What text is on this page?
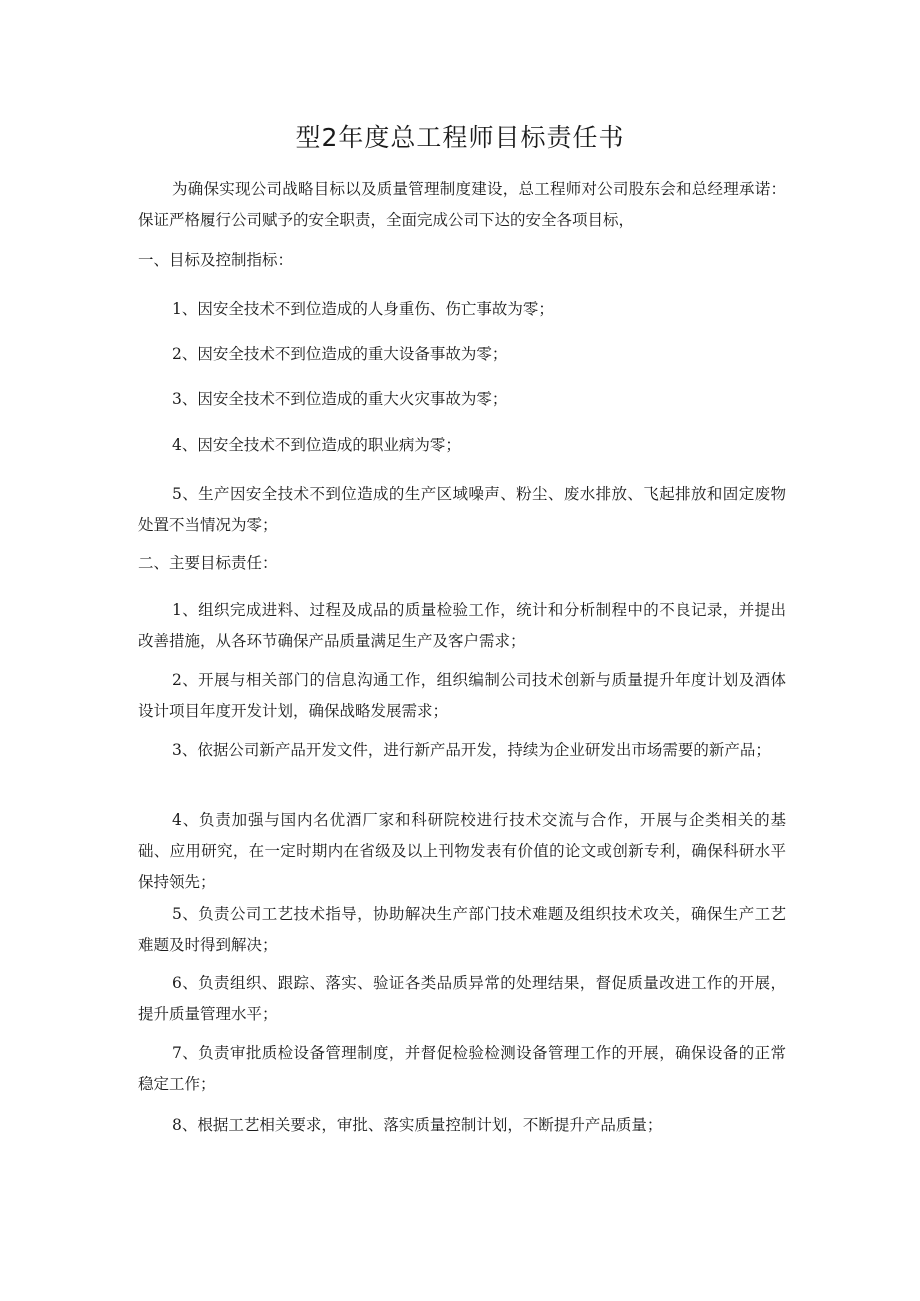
型2年度总工程师目标责任书

为确保实现公司战略目标以及质量管理制度建设，总工程师对公司股东会和总经理承诺：保证严格履行公司赋予的安全职责，全面完成公司下达的安全各项目标，

一、目标及控制指标：

1、因安全技术不到位造成的人身重伤、伤亡事故为零；

2、因安全技术不到位造成的重大设备事故为零；

3、因安全技术不到位造成的重大火灾事故为零；

4、因安全技术不到位造成的职业病为零；

5、生产因安全技术不到位造成的生产区域噪声、粉尘、废水排放、飞起排放和固定废物处置不当情况为零；

二、主要目标责任：

1、组织完成进料、过程及成品的质量检验工作，统计和分析制程中的不良记录，并提出改善措施，从各环节确保产品质量满足生产及客户需求；

2、开展与相关部门的信息沟通工作，组织编制公司技术创新与质量提升年度计划及酒体设计项目年度开发计划，确保战略发展需求；

3、依据公司新产品开发文件，进行新产品开发，持续为企业研发出市场需要的新产品；

4、负责加强与国内名优酒厂家和科研院校进行技术交流与合作，开展与企类相关的基础、应用研究，在一定时期内在省级及以上刊物发表有价值的论文或创新专利，确保科研水平保持领先；

5、负责公司工艺技术指导，协助解决生产部门技术难题及组织技术攻关，确保生产工艺难题及时得到解决；

6、负责组织、跟踪、落实、验证各类品质异常的处理结果，督促质量改进工作的开展，提升质量管理水平；

7、负责审批质检设备管理制度，并督促检验检测设备管理工作的开展，确保设备的正常稳定工作；

8、根据工艺相关要求，审批、落实质量控制计划，不断提升产品质量；
